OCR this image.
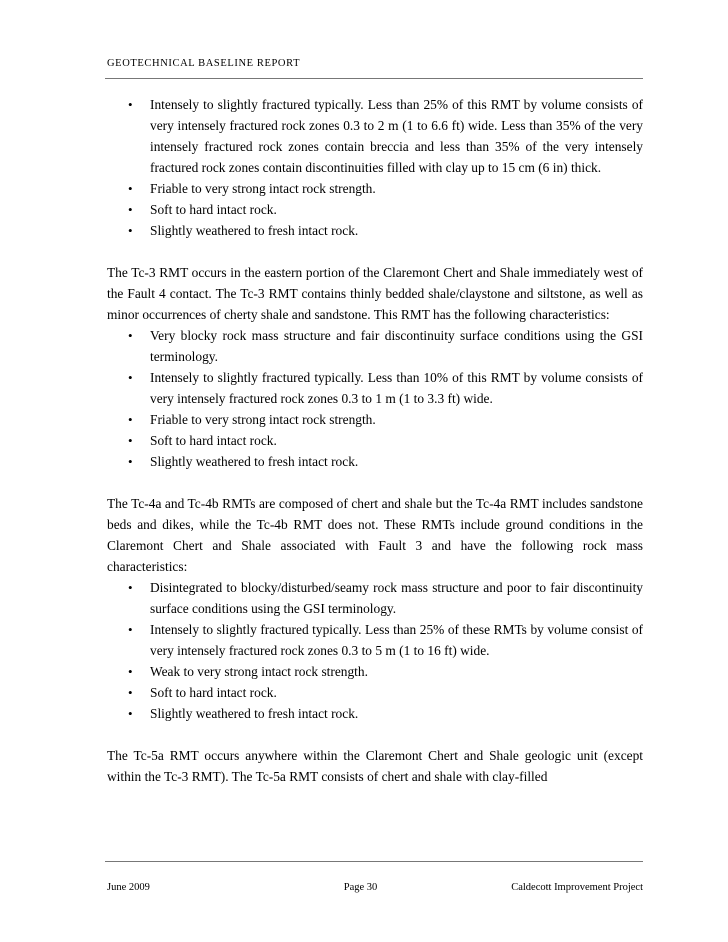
GEOTECHNICAL BASELINE REPORT
• Intensely to slightly fractured typically. Less than 25% of this RMT by volume consists of very intensely fractured rock zones 0.3 to 2 m (1 to 6.6 ft) wide. Less than 35% of the very intensely fractured rock zones contain breccia and less than 35% of the very intensely fractured rock zones contain discontinuities filled with clay up to 15 cm (6 in) thick.
• Friable to very strong intact rock strength.
• Soft to hard intact rock.
• Slightly weathered to fresh intact rock.

The Tc-3 RMT occurs in the eastern portion of the Claremont Chert and Shale immediately west of the Fault 4 contact. The Tc-3 RMT contains thinly bedded shale/claystone and siltstone, as well as minor occurrences of cherty shale and sandstone. This RMT has the following characteristics:

• Very blocky rock mass structure and fair discontinuity surface conditions using the GSI terminology.
• Intensely to slightly fractured typically. Less than 10% of this RMT by volume consists of very intensely fractured rock zones 0.3 to 1 m (1 to 3.3 ft) wide.
• Friable to very strong intact rock strength.
• Soft to hard intact rock.
• Slightly weathered to fresh intact rock.

The Tc-4a and Tc-4b RMTs are composed of chert and shale but the Tc-4a RMT includes sandstone beds and dikes, while the Tc-4b RMT does not. These RMTs include ground conditions in the Claremont Chert and Shale associated with Fault 3 and have the following rock mass characteristics:

• Disintegrated to blocky/disturbed/seamy rock mass structure and poor to fair discontinuity surface conditions using the GSI terminology.
• Intensely to slightly fractured typically. Less than 25% of these RMTs by volume consist of very intensely fractured rock zones 0.3 to 5 m (1 to 16 ft) wide.
• Weak to very strong intact rock strength.
• Soft to hard intact rock.
• Slightly weathered to fresh intact rock.

The Tc-5a RMT occurs anywhere within the Claremont Chert and Shale geologic unit (except within the Tc-3 RMT). The Tc-5a RMT consists of chert and shale with clay-filled

June 2009	Page 30	Caldecott Improvement Project
